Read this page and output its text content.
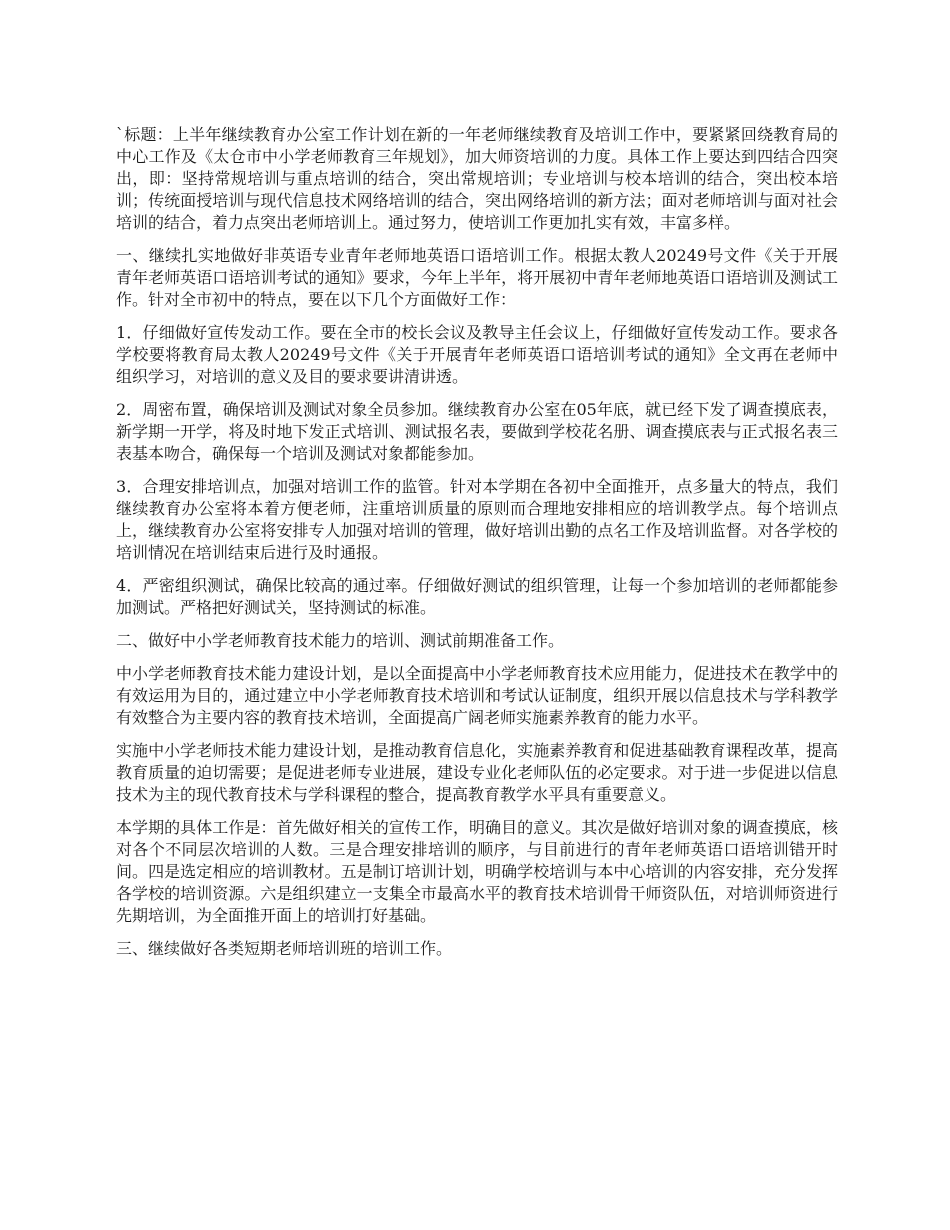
`标题：上半年继续教育办公室工作计划在新的一年老师继续教育及培训工作中，要紧紧回绕教育局的中心工作及《太仓市中小学老师教育三年规划》，加大师资培训的力度。具体工作上要达到四结合四突出，即：坚持常规培训与重点培训的结合，突出常规培训；专业培训与校本培训的结合，突出校本培训；传统面授培训与现代信息技术网络培训的结合，突出网络培训的新方法；面对老师培训与面对社会培训的结合，着力点突出老师培训上。通过努力，使培训工作更加扎实有效，丰富多样。

一、继续扎实地做好非英语专业青年老师地英语口语培训工作。根据太教人20249号文件《关于开展青年老师英语口语培训考试的通知》要求，今年上半年，将开展初中青年老师地英语口语培训及测试工作。针对全市初中的特点，要在以下几个方面做好工作：

1．仔细做好宣传发动工作。要在全市的校长会议及教导主任会议上，仔细做好宣传发动工作。要求各学校要将教育局太教人20249号文件《关于开展青年老师英语口语培训考试的通知》全文再在老师中组织学习，对培训的意义及目的要求要讲清讲透。

2．周密布置，确保培训及测试对象全员参加。继续教育办公室在05年底，就已经下发了调查摸底表，新学期一开学，将及时地下发正式培训、测试报名表，要做到学校花名册、调查摸底表与正式报名表三表基本吻合，确保每一个培训及测试对象都能参加。

3．合理安排培训点，加强对培训工作的监管。针对本学期在各初中全面推开，点多量大的特点，我们继续教育办公室将本着方便老师，注重培训质量的原则而合理地安排相应的培训教学点。每个培训点上，继续教育办公室将安排专人加强对培训的管理，做好培训出勤的点名工作及培训监督。对各学校的培训情况在培训结束后进行及时通报。

4．严密组织测试，确保比较高的通过率。仔细做好测试的组织管理，让每一个参加培训的老师都能参加测试。严格把好测试关，坚持测试的标准。

二、做好中小学老师教育技术能力的培训、测试前期准备工作。

中小学老师教育技术能力建设计划，是以全面提高中小学老师教育技术应用能力，促进技术在教学中的有效运用为目的，通过建立中小学老师教育技术培训和考试认证制度，组织开展以信息技术与学科教学有效整合为主要内容的教育技术培训，全面提高广阔老师实施素养教育的能力水平。

实施中小学老师技术能力建设计划，是推动教育信息化，实施素养教育和促进基础教育课程改革，提高教育质量的迫切需要；是促进老师专业进展，建设专业化老师队伍的必定要求。对于进一步促进以信息技术为主的现代教育技术与学科课程的整合，提高教育教学水平具有重要意义。

本学期的具体工作是：首先做好相关的宣传工作，明确目的意义。其次是做好培训对象的调查摸底，核对各个不同层次培训的人数。三是合理安排培训的顺序，与目前进行的青年老师英语口语培训错开时间。四是选定相应的培训教材。五是制订培训计划，明确学校培训与本中心培训的内容安排，充分发挥各学校的培训资源。六是组织建立一支集全市最高水平的教育技术培训骨干师资队伍，对培训师资进行先期培训，为全面推开面上的培训打好基础。

三、继续做好各类短期老师培训班的培训工作。
